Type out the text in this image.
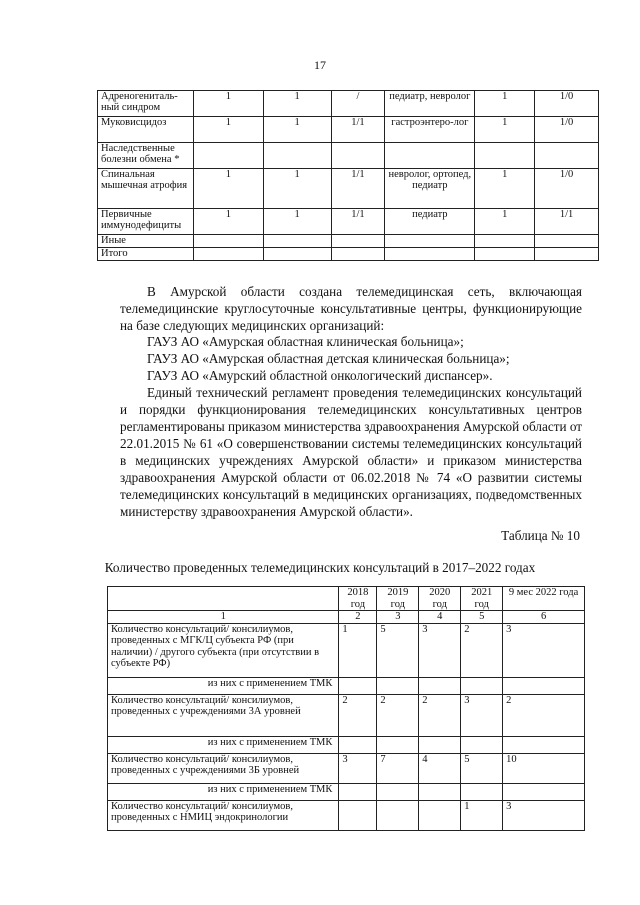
17
Адреногениталь-ный синдром	1	1	/	педиатр, невролог	1	1/0
Муковисцидоз	1	1	1/1	гастроэнтеро-лог	1	1/0
Наследственные болезни обмена *						
Спинальная мышечная атрофия	1	1	1/1	невролог, ортопед, педиатр	1	1/0
Первичные иммунодефициты	1	1	1/1	педиатр	1	1/1
Иные						
Итого						
В Амурской области создана телемедицинская сеть, включающая телемедицинские круглосуточные консультативные центры, функционирующие на базе следующих медицинских организаций:
ГАУЗ АО «Амурская областная клиническая больница»;
ГАУЗ АО «Амурская областная детская клиническая больница»;
ГАУЗ АО «Амурский областной онкологический диспансер».
Единый технический регламент проведения телемедицинских консультаций и порядки функционирования телемедицинских консультативных центров регламентированы приказом министерства здравоохранения Амурской области от 22.01.2015 № 61 «О совершенствовании системы телемедицинских консультаций в медицинских учреждениях Амурской области» и приказом министерства здравоохранения Амурской области от 06.02.2018 № 74 «О развитии системы телемедицинских консультаций в медицинских организациях, подведомственных министерству здравоохранения Амурской области».
Таблица № 10
Количество проведенных телемедицинских консультаций в 2017–2022 годах
	2018 год	2019 год	2020 год	2021 год	9 мес 2022 года
1	2	3	4	5	6
Количество консультаций/ консилиумов, проведенных с МГК/Ц субъекта РФ (при наличии) / другого субъекта (при отсутствии в субъекте РФ)	1	5	3	2	3
из них с применением ТМК					
Количество консультаций/ консилиумов, проведенных с учреждениями 3А уровней	2	2	2	3	2
из них с применением ТМК					
Количество консультаций/ консилиумов, проведенных с учреждениями 3Б уровней	3	7	4	5	10
из них с применением ТМК					
Количество консультаций/ консилиумов, проведенных с НМИЦ эндокринологии				1	3
